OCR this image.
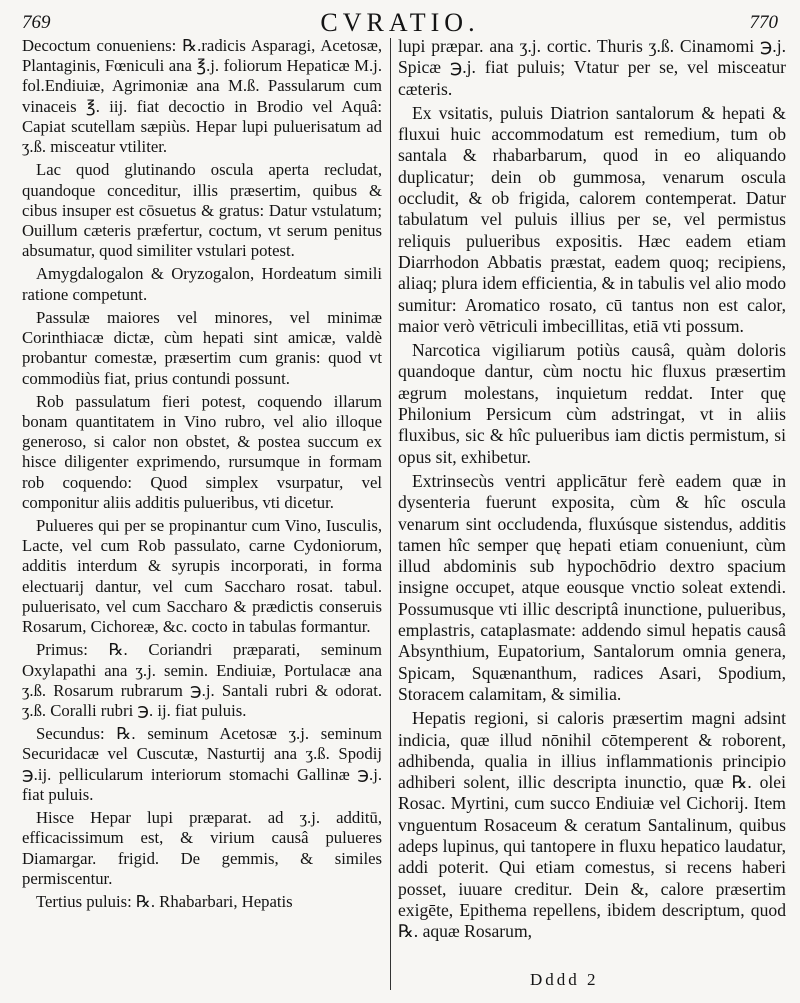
769	CVRATIO.	770

Decoctum conueniens: ℞.radicis Asparagi, Acetosæ, Plantaginis, Fœniculi ana ℥.j. foliorum Hepaticæ M.j. fol.Endiuiæ, Agrimoniæ ana M.ß. Passularum cum vinaceis ℥. iij. fiat decoctio in Brodio vel Aquâ: Capiat scutellam sæpiùs. Hepar lupi puluerisatum ad ʒ.ß. misceatur vtiliter.

Lac quod glutinando oscula aperta recludat, quandoque conceditur, illis præsertim, quibus & cibus insuper est cōsuetus & gratus: Datur vstulatum; Ouillum cæteris præfertur, coctum, vt serum penitus absumatur, quod similiter vstulari potest.

Amygdalogalon & Oryzogalon, Hordeatum simili ratione competunt.

Passulæ maiores vel minores, vel minimæ Corinthiacæ dictæ, cùm hepati sint amicæ, valdè probantur comestæ, præsertim cum granis: quod vt commodiùs fiat, prius contundi possunt.

Rob passulatum fieri potest, coquendo illarum bonam quantitatem in Vino rubro, vel alio illoque generoso, si calor non obstet, & postea succum ex hisce diligenter exprimendo, rursumque in formam rob coquendo: Quod simplex vsurpatur, vel componitur aliis additis pulueribus, vti dicetur.

Pulueres qui per se propinantur cum Vino, Iusculis, Lacte, vel cum Rob passulato, carne Cydoniorum, additis interdum & syrupis incorporati, in forma electuarij dantur, vel cum Saccharo rosat. tabul. puluerisato, vel cum Saccharo & prædictis conseruis Rosarum, Cichoreæ, &c. cocto in tabulas formantur.

Primus: ℞. Coriandri præparati, seminum Oxylapathi ana ʒ.j. semin. Endiuiæ, Portulacæ ana ʒ.ß. Rosarum rubrarum ℈.j. Santali rubri & odorat. ʒ.ß. Coralli rubri ℈. ij. fiat puluis.

Secundus: ℞. seminum Acetosæ ʒ.j. seminum Securidacæ vel Cuscutæ, Nasturtij ana ʒ.ß. Spodij ℈.ij. pellicularum interiorum stomachi Gallinæ ℈.j. fiat puluis.

Hisce Hepar lupi præparat. ad ʒ.j. additū, efficacissimum est, & virium causâ pulueres Diamargar. frigid. De gemmis, & similes permiscentur.

Tertius puluis: ℞. Rhabarbari, Hepatis

lupi præpar. ana ʒ.j. cortic. Thuris ʒ.ß. Cinamomi ℈.j. Spicæ ℈.j. fiat puluis; Vtatur per se, vel misceatur cæteris.

Ex vsitatis, puluis Diatrion santalorum & hepati & fluxui huic accommodatum est remedium, tum ob santala & rhabarbarum, quod in eo aliquando duplicatur; dein ob gummosa, venarum oscula occludit, & ob frigida, calorem contemperat. Datur tabulatum vel puluis illius per se, vel permistus reliquis pulueribus expositis. Hæc eadem etiam Diarrhodon Abbatis præstat, eadem quoq; recipiens, aliaq; plura idem efficientia, & in tabulis vel alio modo sumitur: Aromatico rosato, cū tantus non est calor, maior verò vētriculi imbecillitas, etiā vti possum.

Narcotica vigiliarum potiùs causâ, quàm doloris quandoque dantur, cùm noctu hic fluxus præsertim ægrum molestans, inquietum reddat. Inter quę Philonium Persicum cùm adstringat, vt in aliis fluxibus, sic & hîc pulueribus iam dictis permistum, si opus sit, exhibetur.

Extrinsecùs ventri applicātur ferè eadem quæ in dysenteria fuerunt exposita, cùm & hîc oscula venarum sint occludenda, fluxúsque sistendus, additis tamen hîc semper quę hepati etiam conueniunt, cùm illud abdominis sub hypochōdrio dextro spacium insigne occupet, atque eousque vnctio soleat extendi. Possumusque vti illic descriptâ inunctione, pulueribus, emplastris, cataplasmate: addendo simul hepatis causâ Absynthium, Eupatorium, Santalorum omnia genera, Spicam, Squænanthum, radices Asari, Spodium, Storacem calamitam, & similia.

Hepatis regioni, si caloris præsertim magni adsint indicia, quæ illud nōnihil cōtemperent & roborent, adhibenda, qualia in illius inflammationis principio adhiberi solent, illic descripta inunctio, quæ ℞. olei Rosac. Myrtini, cum succo Endiuiæ vel Cichorij. Item vnguentum Rosaceum & ceratum Santalinum, quibus adeps lupinus, qui tantopere in fluxu hepatico laudatur, addi poterit. Qui etiam comestus, si recens haberi posset, iuuare creditur. Dein &, calore præsertim exigēte, Epithema repellens, ibidem descriptum, quod ℞. aquæ Rosarum,

Dddd 2
